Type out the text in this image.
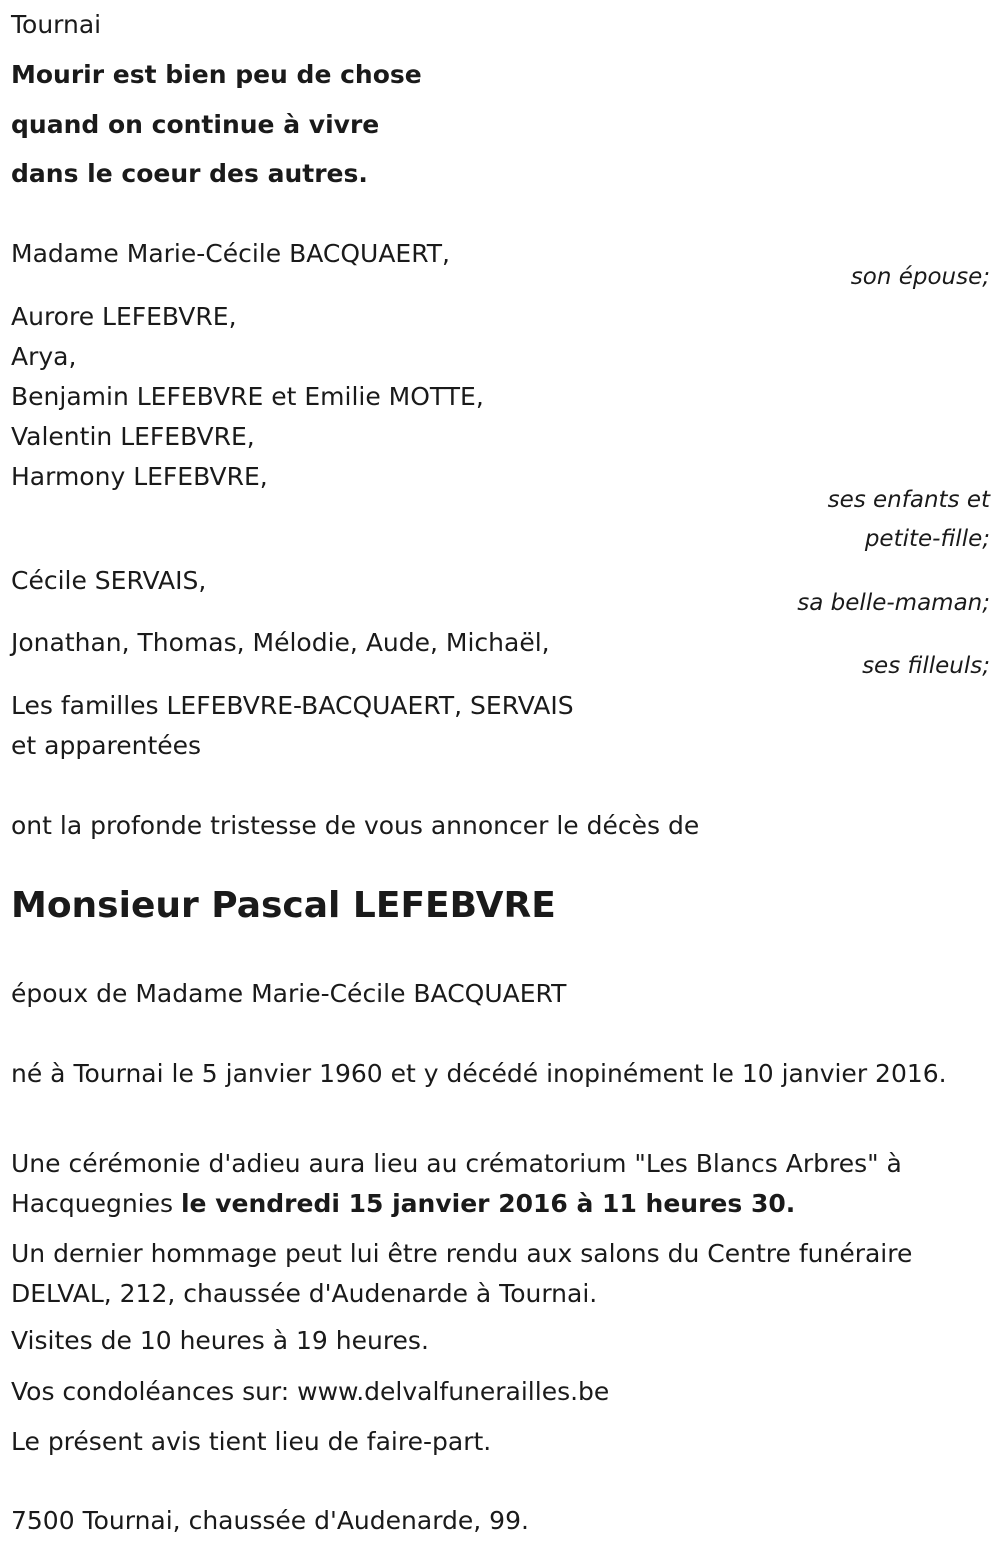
Tournai
Mourir est bien peu de chose
quand on continue à vivre
dans le coeur des autres.
Madame Marie-Cécile BACQUAERT,
son épouse;
Aurore LEFEBVRE,
Arya,
Benjamin LEFEBVRE et Emilie MOTTE,
Valentin LEFEBVRE,
Harmony LEFEBVRE,
ses enfants et
petite-fille;
Cécile SERVAIS,
sa belle-maman;
Jonathan, Thomas, Mélodie, Aude, Michaël,
ses filleuls;
Les familles LEFEBVRE-BACQUAERT, SERVAIS
et apparentées
ont la profonde tristesse de vous annoncer le décès de
Monsieur Pascal LEFEBVRE
époux de Madame Marie-Cécile BACQUAERT
né à Tournai le 5 janvier 1960 et y décédé inopinément le 10 janvier 2016.
Une cérémonie d'adieu aura lieu au crématorium "Les Blancs Arbres" à Hacquegnies le vendredi 15 janvier 2016 à 11 heures 30.
Un dernier hommage peut lui être rendu aux salons du Centre funéraire DELVAL, 212, chaussée d'Audenarde à Tournai.
Visites de 10 heures à 19 heures.
Vos condoléances sur: www.delvalfunerailles.be
Le présent avis tient lieu de faire-part.
7500 Tournai, chaussée d'Audenarde, 99.
